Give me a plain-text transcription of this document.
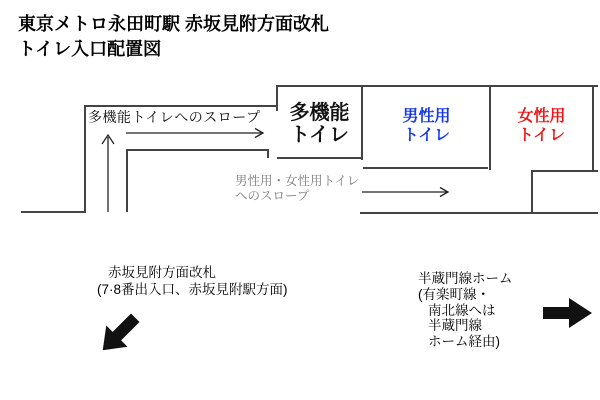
東京メトロ永田町駅 赤坂見附方面改札
トイレ入口配置図
多機能トイレへのスロープ	多機能
トイレ
男性用
トイレ
女性用
トイレ
男性用・女性用トイレ
へのスロープ
赤坂見附方面改札
(7·8番出入口、赤坂見附駅方面)
半蔵門線ホーム
(有楽町線・
南北線へは
半蔵門線
ホーム経由)
